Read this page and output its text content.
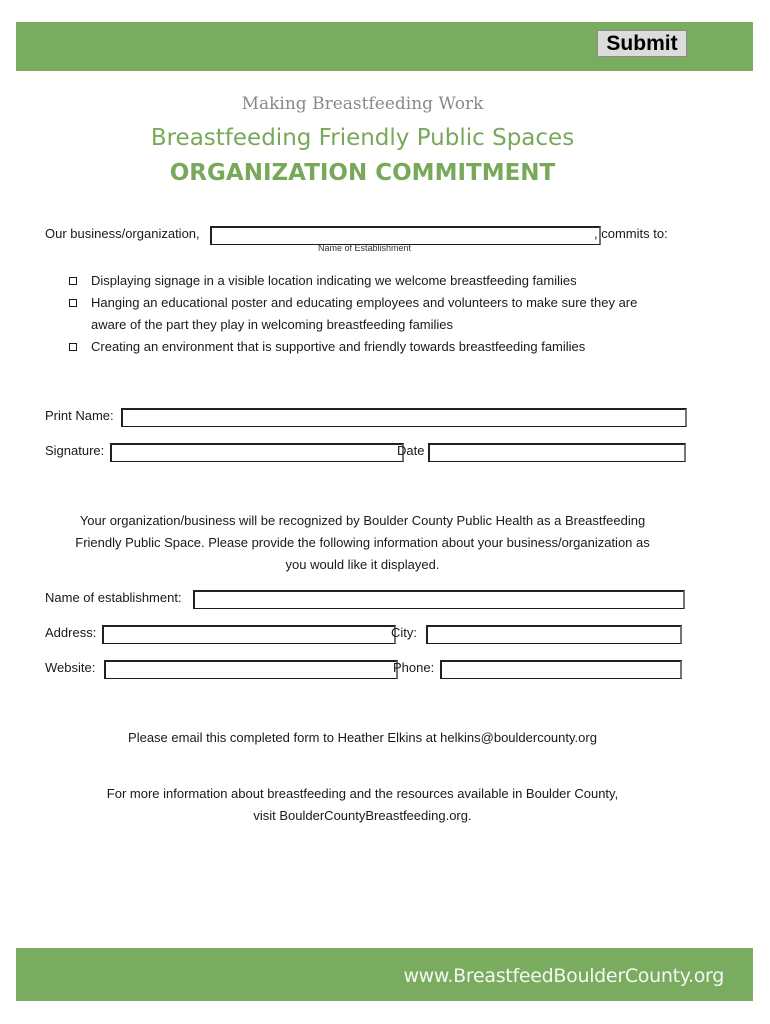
Submit
Making Breastfeeding Work
Breastfeeding Friendly Public Spaces
ORGANIZATION COMMITMENT
Our business/organization,	, commits to:
Name of Establishment
Displaying signage in a visible location indicating we welcome breastfeeding families
Hanging an educational poster and educating employees and volunteers to make sure they are
aware of the part they play in welcoming breastfeeding families
Creating an environment that is supportive and friendly towards breastfeeding families
Print Name:
Signature:	Date
Your organization/business will be recognized by Boulder County Public Health as a Breastfeeding
Friendly Public Space. Please provide the following information about your business/organization as
you would like it displayed.
Name of establishment:
Address:	City:
Website:	Phone:
Please email this completed form to Heather Elkins at helkins@bouldercounty.org
For more information about breastfeeding and the resources available in Boulder County,
visit BoulderCountyBreastfeeding.org.
www.BreastfeedBoulderCounty.org
